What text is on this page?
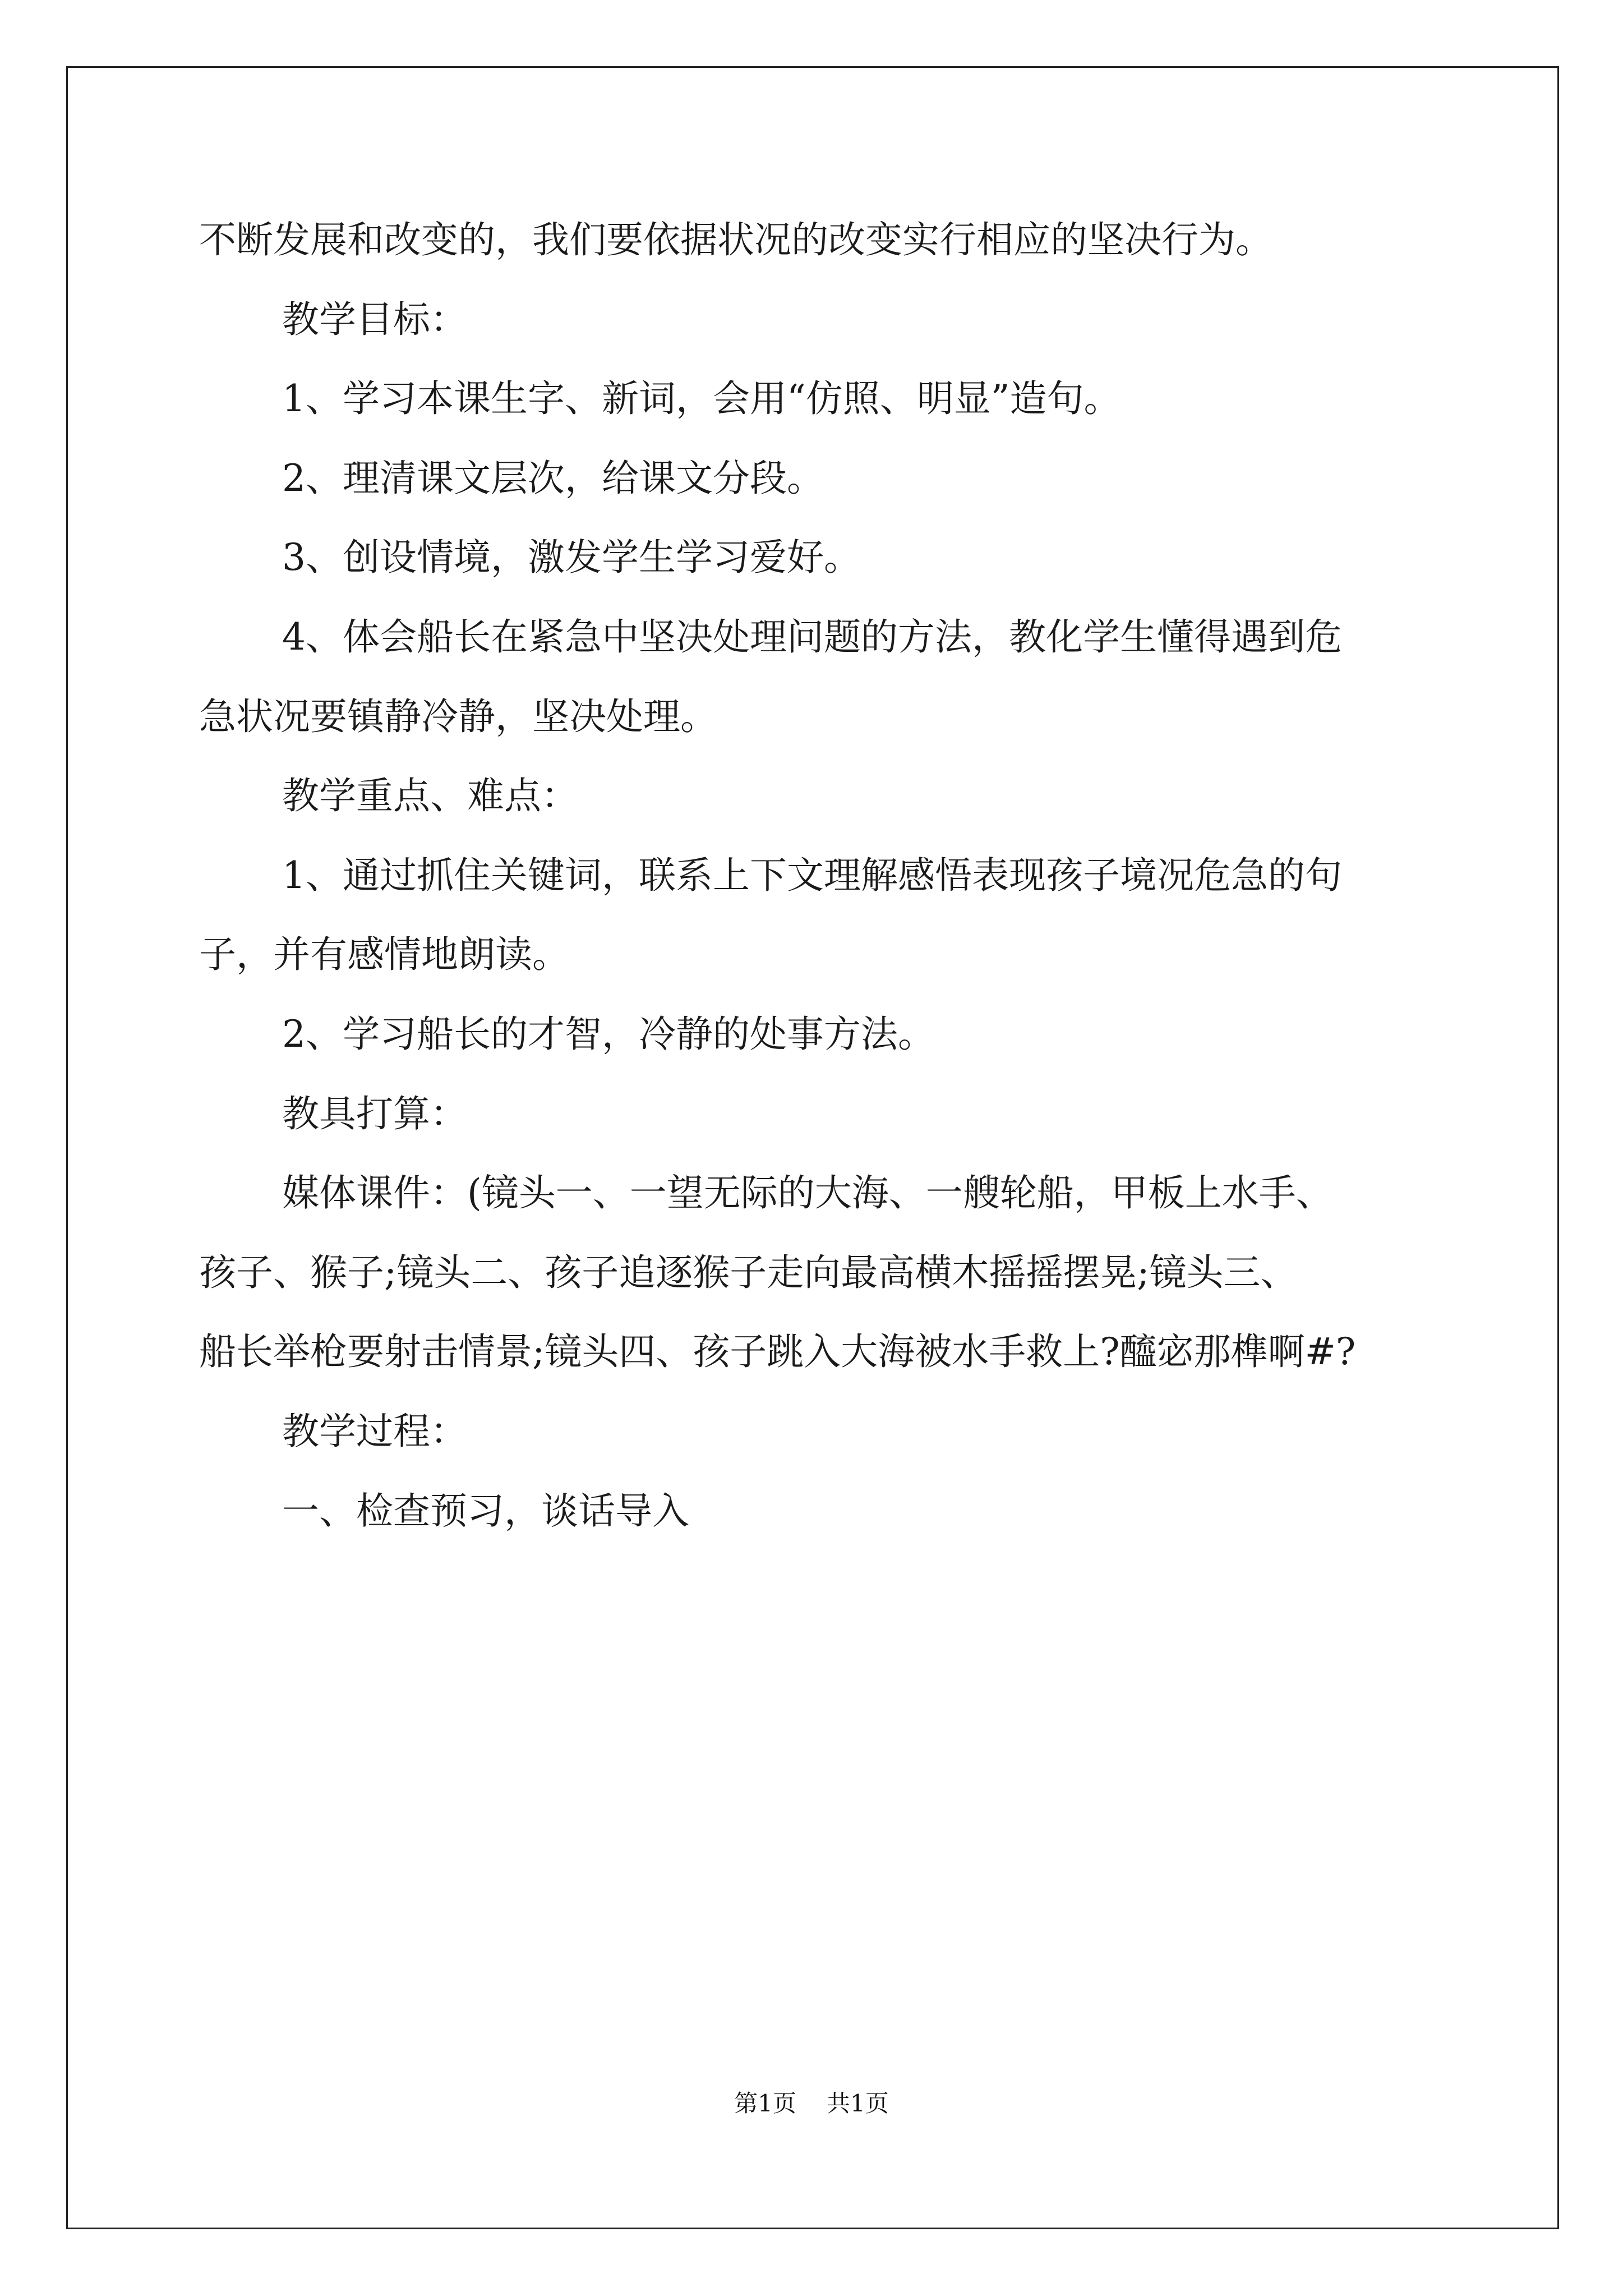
不断发展和改变的，我们要依据状况的改变实行相应的坚决行为。

教学目标：

1、学习本课生字、新词，会用“仿照、明显”造句。

2、理清课文层次，给课文分段。

3、创设情境，激发学生学习爱好。

4、体会船长在紧急中坚决处理问题的方法，教化学生懂得遇到危

急状况要镇静冷静，坚决处理。

教学重点、难点：

1、通过抓住关键词，联系上下文理解感悟表现孩子境况危急的句

子，并有感情地朗读。

2、学习船长的才智，冷静的处事方法。

教具打算：

媒体课件：(镜头一、一望无际的大海、一艘轮船，甲板上水手、

孩子、猴子;镜头二、孩子追逐猴子走向最高横木摇摇摆晃;镜头三、

船长举枪要射击情景;镜头四、孩子跳入大海被水手救上?醯宓那榫啊#?

教学过程：

一、检查预习，谈话导入

第1页 共1页
